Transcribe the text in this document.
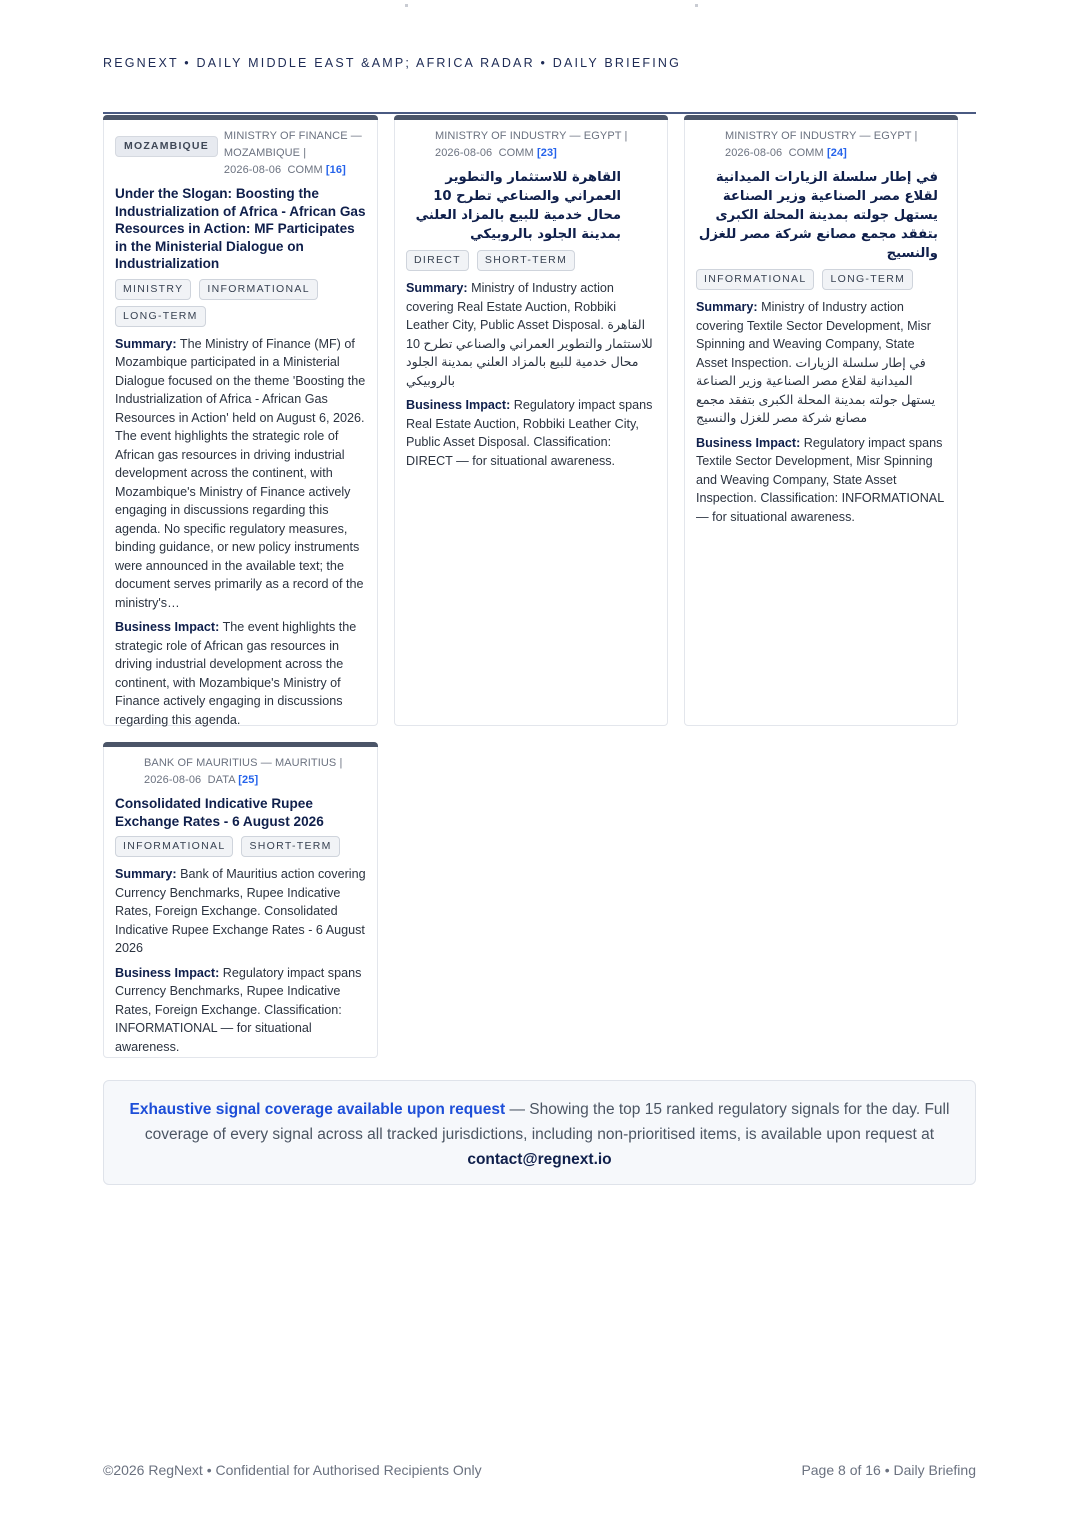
REGNEXT • DAILY MIDDLE EAST &AMP; AFRICA RADAR • DAILY BRIEFING
MOZAMBIQUE
MINISTRY OF FINANCE — MOZAMBIQUE |
2026-08-06 COMM [16]
Under the Slogan: Boosting the Industrialization of Africa - African Gas Resources in Action: MF Participates in the Ministerial Dialogue on Industrialization
MINISTRY	INFORMATIONAL
LONG-TERM

Summary: The Ministry of Finance (MF) of Mozambique participated in a Ministerial Dialogue focused on the theme 'Boosting the Industrialization of Africa - African Gas Resources in Action' held on August 6, 2026. The event highlights the strategic role of African gas resources in driving industrial development across the continent, with Mozambique's Ministry of Finance actively engaging in discussions regarding this agenda. No specific regulatory measures, binding guidance, or new policy instruments were announced in the available text; the document serves primarily as a record of the ministry's…

Business Impact: The event highlights the strategic role of African gas resources in driving industrial development across the continent, with Mozambique's Ministry of Finance actively engaging in discussions regarding this agenda.

MINISTRY OF INDUSTRY — EGYPT |
2026-08-06 COMM [23]
القاهرة للاستثمار والتطوير العمراني والصناعي تطرح 10 محال خدمية للبيع بالمزاد العلني بمدينة الجلود بالروبيكي
DIRECT	SHORT-TERM

Summary: Ministry of Industry action covering Real Estate Auction, Robbiki Leather City, Public Asset Disposal. القاهرة للاستثمار والتطوير العمراني والصناعي تطرح 10 محال خدمية للبيع بالمزاد العلني بمدينة الجلود بالروبيكي

Business Impact: Regulatory impact spans Real Estate Auction, Robbiki Leather City, Public Asset Disposal. Classification: DIRECT — for situational awareness.

MINISTRY OF INDUSTRY — EGYPT |
2026-08-06 COMM [24]
في إطار سلسلة الزيارات الميدانية لقلاع مصر الصناعية وزير الصناعة يستهل جولته بمدينة المحلة الكبرى بتفقد مجمع مصانع شركة مصر للغزل والنسيج
INFORMATIONAL	LONG-TERM

Summary: Ministry of Industry action covering Textile Sector Development, Misr Spinning and Weaving Company, State Asset Inspection. في إطار سلسلة الزيارات الميدانية لقلاع مصر الصناعية وزير الصناعة يستهل جولته بمدينة المحلة الكبرى بتفقد مجمع مصانع شركة مصر للغزل والنسيج

Business Impact: Regulatory impact spans Textile Sector Development, Misr Spinning and Weaving Company, State Asset Inspection. Classification: INFORMATIONAL — for situational awareness.

BANK OF MAURITIUS — MAURITIUS |
2026-08-06 DATA [25]
Consolidated Indicative Rupee Exchange Rates - 6 August 2026
INFORMATIONAL	SHORT-TERM

Summary: Bank of Mauritius action covering Currency Benchmarks, Rupee Indicative Rates, Foreign Exchange. Consolidated Indicative Rupee Exchange Rates - 6 August 2026

Business Impact: Regulatory impact spans Currency Benchmarks, Rupee Indicative Rates, Foreign Exchange. Classification: INFORMATIONAL — for situational awareness.

Exhaustive signal coverage available upon request — Showing the top 15 ranked regulatory signals for the day. Full coverage of every signal across all tracked jurisdictions, including non-prioritised items, is available upon request at contact@regnext.io
©2026 RegNext • Confidential for Authorised Recipients Only	Page 8 of 16 • Daily Briefing
